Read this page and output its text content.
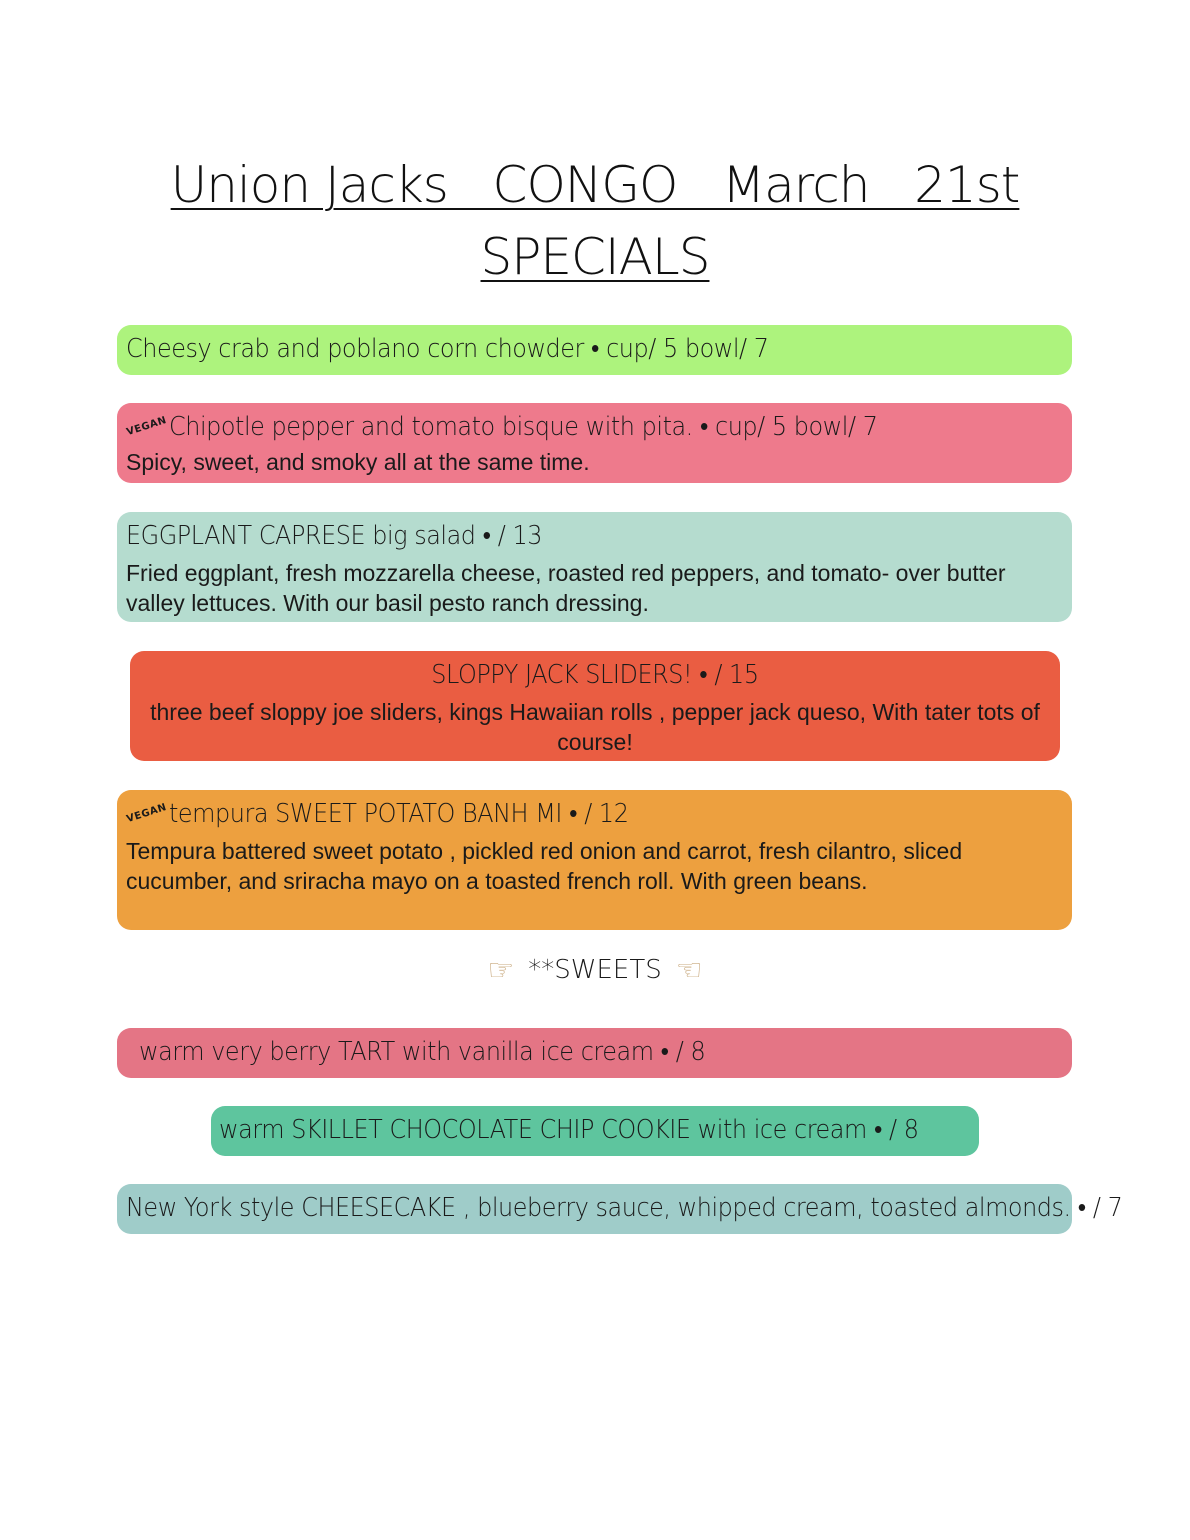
Union Jacks   CONGO   March   21st
SPECIALS
Cheesy crab and poblano corn chowder • cup/ 5 bowl/ 7
VEGANChipotle pepper and tomato bisque with pita. • cup/ 5 bowl/ 7
Spicy, sweet, and smoky all at the same time.
EGGPLANT CAPRESE big salad • / 13
Fried eggplant, fresh mozzarella cheese, roasted red peppers, and tomato- over butter valley lettuces. With our basil pesto ranch dressing.
SLOPPY JACK SLIDERS! • / 15
three beef sloppy joe sliders, kings Hawaiian rolls , pepper jack queso, With tater tots of course!
VEGANtempura SWEET POTATO BANH MI • / 12
Tempura battered sweet potato , pickled red onion and carrot, fresh cilantro, sliced cucumber, and sriracha mayo on a toasted french roll. With green beans.
☞ **SWEETS ☜
warm very berry TART with vanilla ice cream • / 8
warm SKILLET CHOCOLATE CHIP COOKIE with ice cream • / 8
New York style CHEESECAKE , blueberry sauce, whipped cream, toasted almonds. • / 7
